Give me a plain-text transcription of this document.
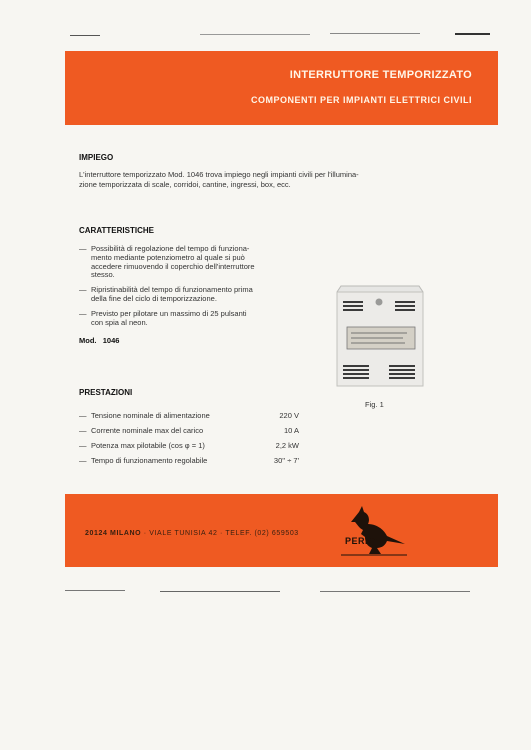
INTERRUTTORE TEMPORIZZATO
COMPONENTI PER IMPIANTI ELETTRICI CIVILI
IMPIEGO
L'interruttore temporizzato Mod. 1046 trova impiego negli impianti civili per l'illumina-
zione temporizzata di scale, corridoi, cantine, ingressi, box, ecc.
CARATTERISTICHE
— Possibilità di regolazione del tempo di funziona-
mento mediante potenziometro al quale si può
accedere rimuovendo il coperchio dell'interruttore
stesso.
— Ripristinabilità del tempo di funzionamento prima
della fine del ciclo di temporizzazione.
— Previsto per pilotare un massimo di 25 pulsanti
con spia al neon.
Mod.   1046
Fig. 1
PRESTAZIONI
— Tensione nominale di alimentazione	220 V
— Corrente nominale max del carico	10 A
— Potenza max pilotabile (cos φ = 1)	2,2 kW
— Tempo di funzionamento regolabile	30'' ÷ 7'
20124 MILANO · VIALE TUNISIA 42 · TELEF. (02) 659503
PERRY
